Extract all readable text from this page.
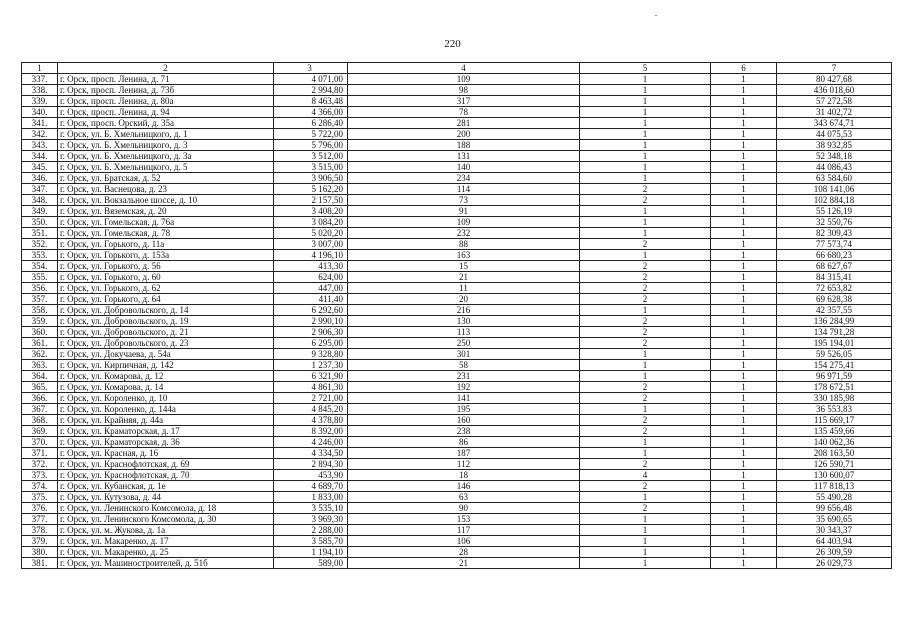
220
1	2	3	4	5	6	7
337.	г. Орск, просп. Ленина, д. 71	4 071,00	109	1	1	80 427,68
338.	г. Орск, просп. Ленина, д. 73б	2 994,80	98	1	1	436 018,60
339.	г. Орск, просп. Ленина, д. 80а	8 463,48	317	1	1	57 272,58
340.	г. Орск, просп. Ленина, д. 94	4 366,00	78	1	1	31 402,72
341.	г. Орск, просп. Орский, д. 35а	6 286,40	281	1	1	343 674,71
342.	г. Орск, ул. Б. Хмельницкого, д. 1	5 722,00	200	1	1	44 075,53
343.	г. Орск, ул. Б. Хмельницкого, д. 3	5 796,00	188	1	1	38 932,85
344.	г. Орск, ул. Б. Хмельницкого, д. 3а	3 512,00	131	1	1	52 348,18
345.	г. Орск, ул. Б. Хмельницкого, д. 5	3 515,00	140	1	1	44 086,43
346.	г. Орск, ул. Братская, д. 52	3 906,50	234	1	1	63 584,60
347.	г. Орск, ул. Васнецова, д. 23	5 162,20	114	2	1	108 141,06
348.	г. Орск, ул. Вокзальное шоссе, д. 10	2 157,50	73	2	1	102 884,18
349.	г. Орск, ул. Вяземская, д. 20	3 408,20	91	1	1	55 126,19
350.	г. Орск, ул. Гомельская, д. 76а	3 084,20	109	1	1	32 550,76
351.	г. Орск, ул. Гомельская, д. 78	5 020,20	232	1	1	82 309,43
352.	г. Орск, ул. Горького, д. 11а	3 007,00	88	2	1	77 573,74
353.	г. Орск, ул. Горького, д. 153а	4 196,10	163	1	1	66 680,23
354.	г. Орск, ул. Горького, д. 56	413,30	15	2	1	68 627,67
355.	г. Орск, ул. Горького, д. 60	624,00	21	2	1	84 315,41
356.	г. Орск, ул. Горького, д. 62	447,00	11	2	1	72 653,82
357.	г. Орск, ул. Горького, д. 64	411,40	20	2	1	69 628,38
358.	г. Орск, ул. Добровольского, д. 14	6 292,60	216	1	1	42 357,55
359.	г. Орск, ул. Добровольского, д. 19	2 990,10	130	2	1	136 284,99
360.	г. Орск, ул. Добровольского, д. 21	2 906,30	113	2	1	134 791,28
361.	г. Орск, ул. Добровольского, д. 23	6 295,00	250	2	1	195 194,01
362.	г. Орск, ул. Докучаева, д. 54а	9 328,80	301	1	1	59 526,05
363.	г. Орск, ул. Кирпичная, д. 142	1 237,30	58	1	1	154 275,41
364.	г. Орск, ул. Комарова, д. 12	6 321,90	231	1	1	96 971,59
365.	г. Орск, ул. Комарова, д. 14	4 861,30	192	2	1	178 672,51
366.	г. Орск, ул. Короленко, д. 10	2 721,00	141	2	1	330 185,98
367.	г. Орск, ул. Короленко, д. 144а	4 845,20	195	1	1	36 553,83
368.	г. Орск, ул. Крайняя, д. 44а	4 378,80	160	2	1	115 669,17
369.	г. Орск, ул. Краматорская, д. 17	8 392,00	238	2	1	135 459,66
370.	г. Орск, ул. Краматорская, д. 36	4 246,00	86	1	1	140 062,36
371.	г. Орск, ул. Красная, д. 16	4 334,50	187	1	1	208 163,50
372.	г. Орск, ул. Краснофлотская, д. 69	2 894,30	112	2	1	126 590,71
373.	г. Орск, ул. Краснофлотская, д. 70	453,90	18	4	1	130 600,07
374.	г. Орск, ул. Кубанская, д. 1е	4 689,70	146	2	1	117 818,13
375.	г. Орск, ул. Кутузова, д. 44	1 833,00	63	1	1	55 490,28
376.	г. Орск, ул. Ленинского Комсомола, д. 18	3 535,10	90	2	1	99 656,48
377.	г. Орск, ул. Ленинского Комсомола, д. 30	3 969,30	153	1	1	35 690,65
378.	г. Орск, ул. м. Жукова, д. 1а	2 288,00	117	1	1	30 343,37
379.	г. Орск, ул. Макаренко, д. 17	3 585,70	106	1	1	64 403,94
380.	г. Орск, ул. Макаренко, д. 25	1 194,10	28	1	1	26 309,59
381.	г. Орск, ул. Машиностроителей, д. 51б	589,00	21	1	1	26 029,73
